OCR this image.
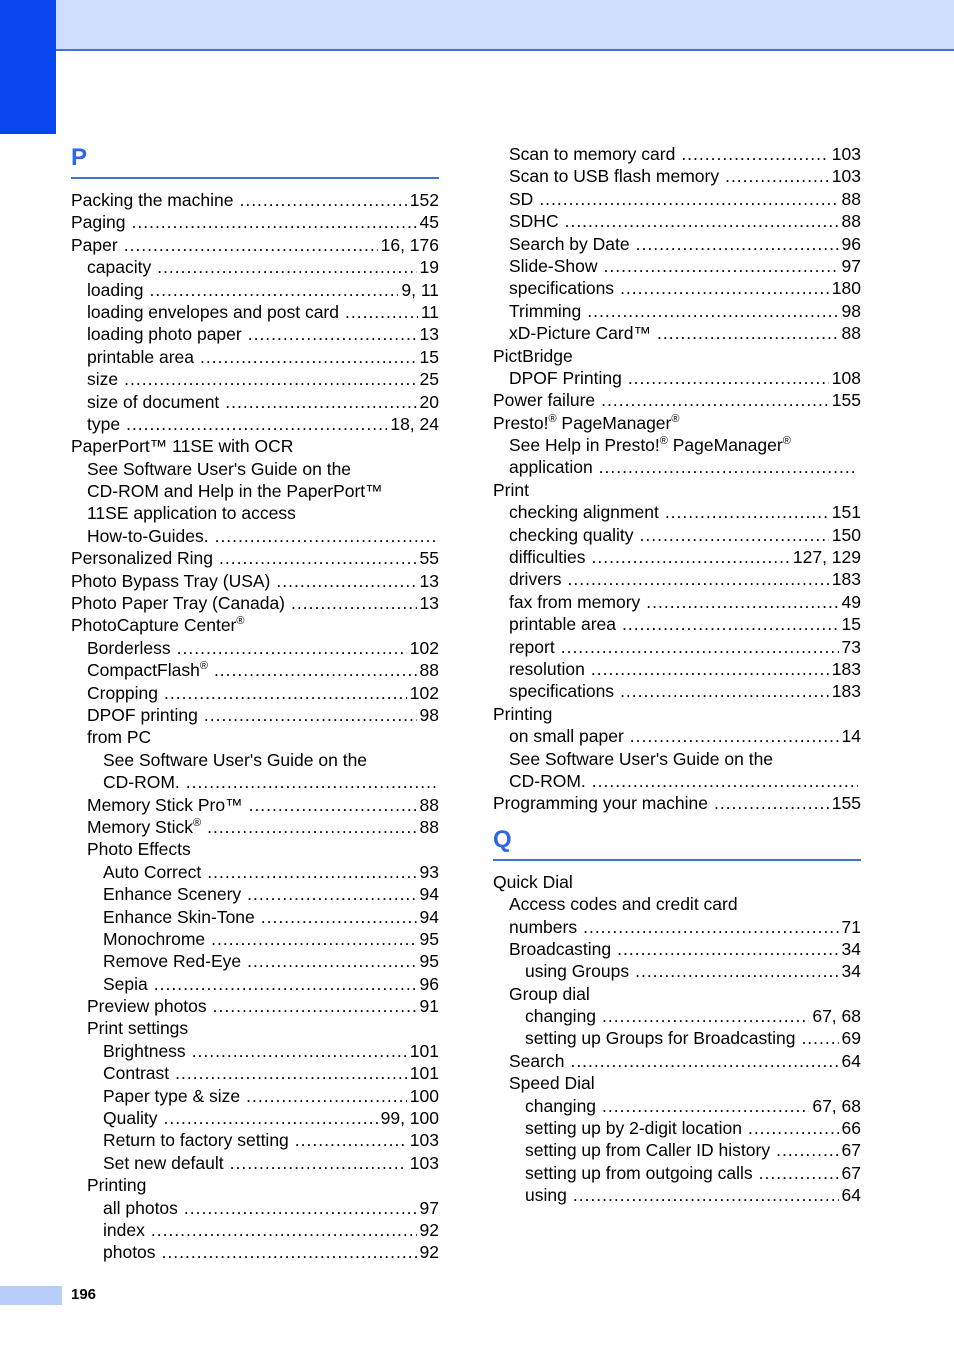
P
Packing the machine .....	152
Paging .....	45
Paper .....	16, 176
capacity .....	19
loading .....	9, 11
loading envelopes and post card .....	11
loading photo paper .....	13
printable area .....	15
size .....	25
size of document .....	20
type .....	18, 24
PaperPort™ 11SE with OCR
See Software User's Guide on the
CD-ROM and Help in the PaperPort™
11SE application to access
How-to-Guides.
.....
Personalized Ring .....	55
Photo Bypass Tray (USA) .....	13
Photo Paper Tray (Canada) .....	13
PhotoCapture Center®
Borderless .....	102
CompactFlash® .....	88
Cropping .....	102
DPOF printing .....	98
from PC
See Software User's Guide on the
CD-ROM.
.....
Memory Stick Pro™ .....	88
Memory Stick® .....	88
Photo Effects
Auto Correct .....	93
Enhance Scenery .....	94
Enhance Skin-Tone .....	94
Monochrome .....	95
Remove Red-Eye .....	95
Sepia .....	96
Preview photos .....	91
Print settings
Brightness .....	101
Contrast .....	101
Paper type & size .....	100
Quality .....	99, 100
Return to factory setting .....	103
Set new default .....	103
Printing
all photos .....	97
index .....	92
photos .....	92
Scan to memory card .....	103
Scan to USB flash memory .....	103
SD .....	88
SDHC .....	88
Search by Date .....	96
Slide-Show .....	97
specifications .....	180
Trimming .....	98
xD-Picture Card™ .....	88
PictBridge
DPOF Printing .....	108
Power failure .....	155
Presto!® PageManager®
See Help in Presto!® PageManager®
application
.....
Print
checking alignment .....	151
checking quality .....	150
difficulties .....	127, 129
drivers .....	183
fax from memory .....	49
printable area .....	15
report .....	73
resolution .....	183
specifications .....	183
Printing
on small paper .....	14
See Software User's Guide on the
CD-ROM.
.....
Programming your machine .....	155
Q
Quick Dial
Access codes and credit card
numbers .....	71
Broadcasting .....	34
using Groups .....	34
Group dial
changing .....	67, 68
setting up Groups for Broadcasting .....	69
Search .....	64
Speed Dial
changing .....	67, 68
setting up by 2-digit location .....	66
setting up from Caller ID history .....	67
setting up from outgoing calls .....	67
using .....	64
196
